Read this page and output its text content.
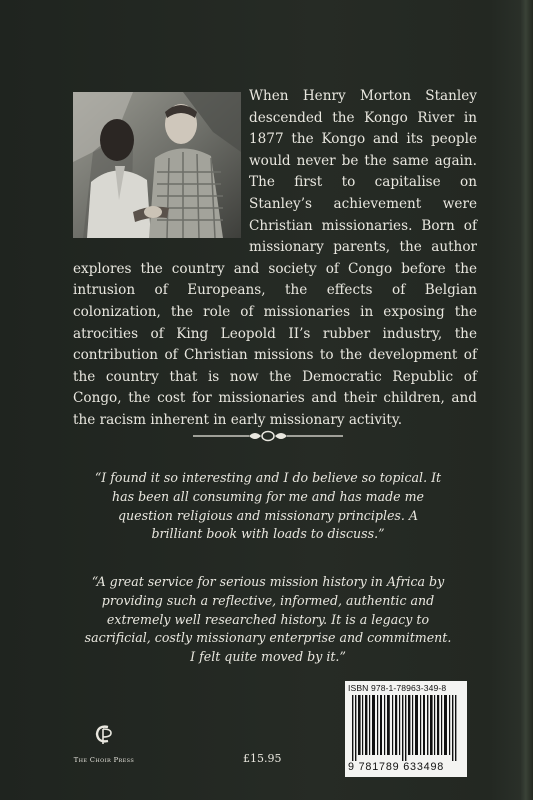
When Henry Morton Stanley descended the Kongo River in 1877 the Kongo and its people would never be the same again. The first to capitalise on Stanley’s achievement were Christian missionaries. Born of missionary parents, the author explores the country and society of Congo before the intrusion of Europeans, the effects of Belgian colonization, the role of missionaries in exposing the atrocities of King Leopold II’s rubber industry, the contribution of Christian missions to the development of the country that is now the Democratic Republic of Congo, the cost for missionaries and their children, and the racism inherent in early missionary activity.

“I found it so interesting and I do believe so topical. It has been all consuming for me and has made me question religious and missionary principles. A brilliant book with loads to discuss.”

“A great service for serious mission history in Africa by providing such a reflective, informed, authentic and extremely well researched history. It is a legacy to sacrificial, costly missionary enterprise and commitment. I felt quite moved by it.”

ISBN 978-1-78963-349-8
9 781789 633498
The Choir Press	£15.95
